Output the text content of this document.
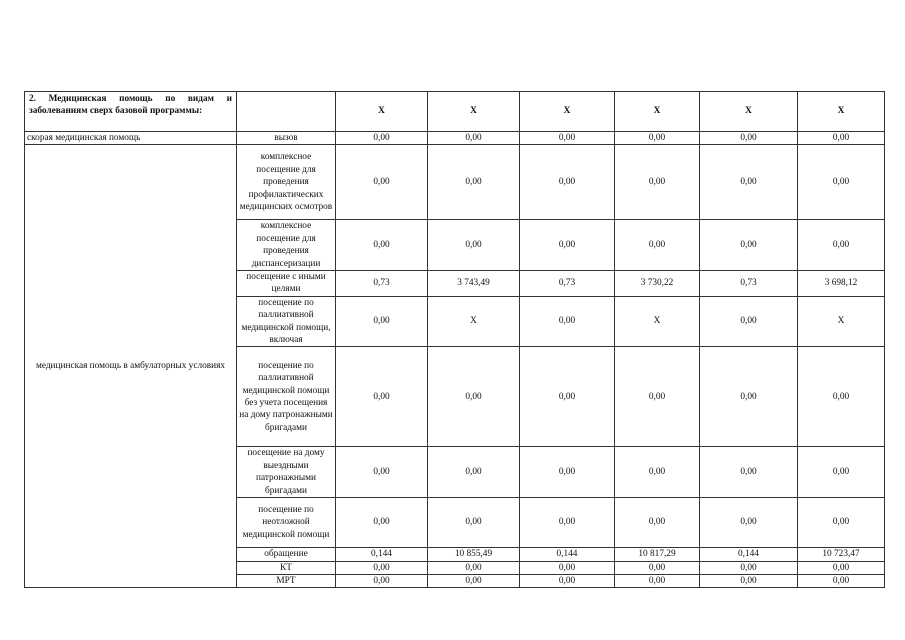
2. Медицинская помощь по видам и заболеваниям сверх базовой программы:		Х	Х	Х	Х	Х	Х
скорая медицинская помощь	вызов	0,00	0,00	0,00	0,00	0,00	0,00
медицинская помощь в амбулаторных условиях	комплексное посещение для проведения профилактических медицинских осмотров	0,00	0,00	0,00	0,00	0,00	0,00
	комплексное посещение для проведения диспансеризации	0,00	0,00	0,00	0,00	0,00	0,00
	посещение с иными целями	0,73	3 743,49	0,73	3 730,22	0,73	3 698,12
	посещение по паллиативной медицинской помощи, включая	0,00	Х	0,00	Х	0,00	Х
	посещение по паллиативной медицинской помощи без учета посещения на дому патронажными бригадами	0,00	0,00	0,00	0,00	0,00	0,00
	посещение на дому выездными патронажными бригадами	0,00	0,00	0,00	0,00	0,00	0,00
	посещение по неотложной медицинской помощи	0,00	0,00	0,00	0,00	0,00	0,00
	обращение	0,144	10 855,49	0,144	10 817,29	0,144	10 723,47
	КТ	0,00	0,00	0,00	0,00	0,00	0,00
	МРТ	0,00	0,00	0,00	0,00	0,00	0,00
